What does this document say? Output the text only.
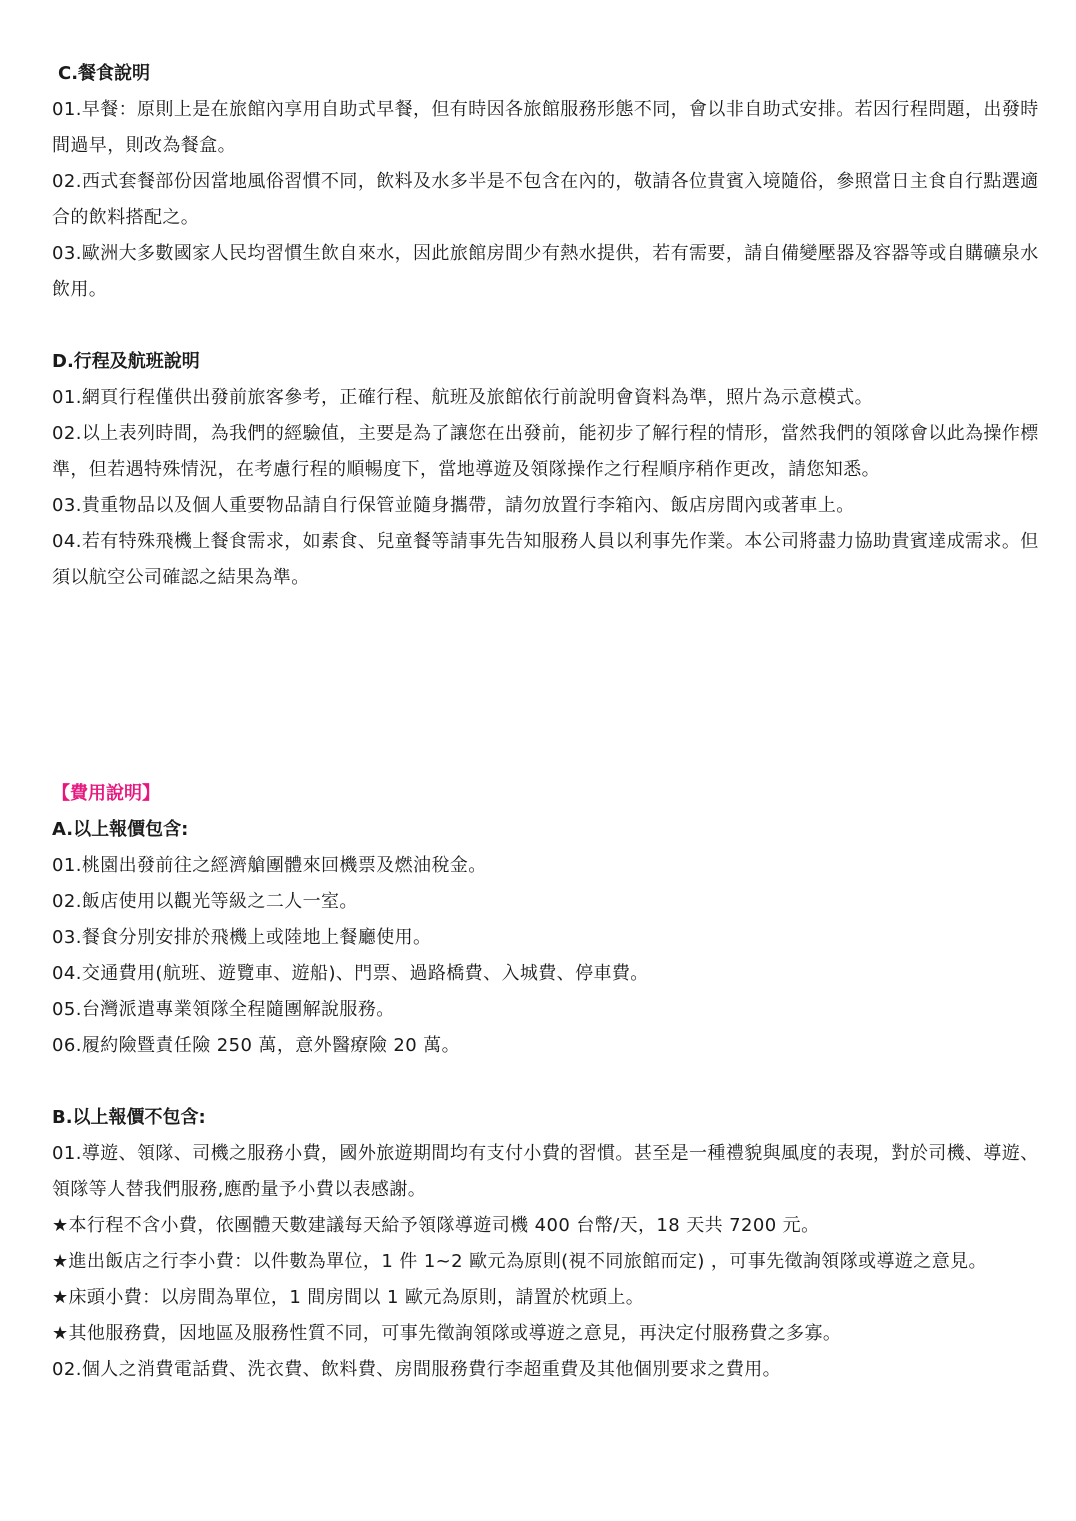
C.餐食說明

01.早餐：原則上是在旅館內享用自助式早餐，但有時因各旅館服務形態不同，會以非自助式安排。若因行程問題，出發時間過早，則改為餐盒。

02.西式套餐部份因當地風俗習慣不同，飲料及水多半是不包含在內的，敬請各位貴賓入境隨俗，參照當日主食自行點選適合的飲料搭配之。

03.歐洲大多數國家人民均習慣生飲自來水，因此旅館房間少有熱水提供，若有需要，請自備變壓器及容器等或自購礦泉水飲用。

D.行程及航班說明

01.網頁行程僅供出發前旅客參考，正確行程、航班及旅館依行前說明會資料為準，照片為示意模式。

02.以上表列時間，為我們的經驗值，主要是為了讓您在出發前，能初步了解行程的情形，當然我們的領隊會以此為操作標準，但若遇特殊情況，在考慮行程的順暢度下，當地導遊及領隊操作之行程順序稍作更改，請您知悉。

03.貴重物品以及個人重要物品請自行保管並隨身攜帶，請勿放置行李箱內、飯店房間內或著車上。

04.若有特殊飛機上餐食需求，如素食、兒童餐等請事先告知服務人員以利事先作業。本公司將盡力協助貴賓達成需求。但須以航空公司確認之結果為準。

【費用說明】
A.以上報價包含:

01.桃園出發前往之經濟艙團體來回機票及燃油稅金。

02.飯店使用以觀光等級之二人一室。

03.餐食分別安排於飛機上或陸地上餐廳使用。

04.交通費用(航班、遊覽車、遊船)、門票、過路橋費、入城費、停車費。

05.台灣派遣專業領隊全程隨團解說服務。

06.履約險暨責任險 250 萬，意外醫療險 20 萬。

B.以上報價不包含:

01.導遊、領隊、司機之服務小費，國外旅遊期間均有支付小費的習慣。甚至是一種禮貌與風度的表現，對於司機、導遊、領隊等人替我們服務,應酌量予小費以表感謝。

★本行程不含小費，依團體天數建議每天給予領隊導遊司機 400 台幣/天，18 天共 7200 元。

★進出飯店之行李小費：以件數為單位，1 件 1~2 歐元為原則(視不同旅館而定) ，可事先徵詢領隊或導遊之意見。

★床頭小費：以房間為單位，1 間房間以 1 歐元為原則，請置於枕頭上。

★其他服務費，因地區及服務性質不同，可事先徵詢領隊或導遊之意見，再決定付服務費之多寡。

02.個人之消費電話費、洗衣費、飲料費、房間服務費行李超重費及其他個別要求之費用。
